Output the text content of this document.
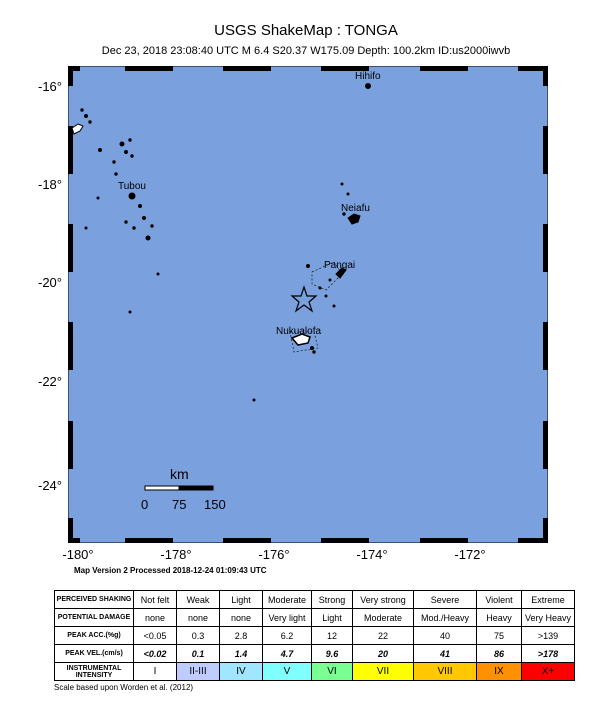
USGS ShakeMap : TONGA
Dec 23, 2018 23:08:40 UTC M 6.4 S20.37 W175.09 Depth: 100.2km ID:us2000iwvb
Hihifo
Neiafu
Tubou
Pangai
Nukualofa
km
0 75 150
-16°
-18°
-20°
-22°
-24°
-180°	-178°	-176°	-174°	-172°
Map Version 2 Processed 2018-12-24 01:09:43 UTC
PERCEIVED SHAKING	Not felt	Weak	Light	Moderate	Strong	Very strong	Severe	Violent	Extreme
POTENTIAL DAMAGE	none	none	none	Very light	Light	Moderate	Mod./Heavy	Heavy	Very Heavy
PEAK ACC.(%g)	<0.05	0.3	2.8	6.2	12	22	40	75	>139
PEAK VEL.(cm/s)	<0.02	0.1	1.4	4.7	9.6	20	41	86	>178
INSTRUMENTAL INTENSITY	I	II-III	IV	V	VI	VII	VIII	IX	X+
Scale based upon Worden et al. (2012)
